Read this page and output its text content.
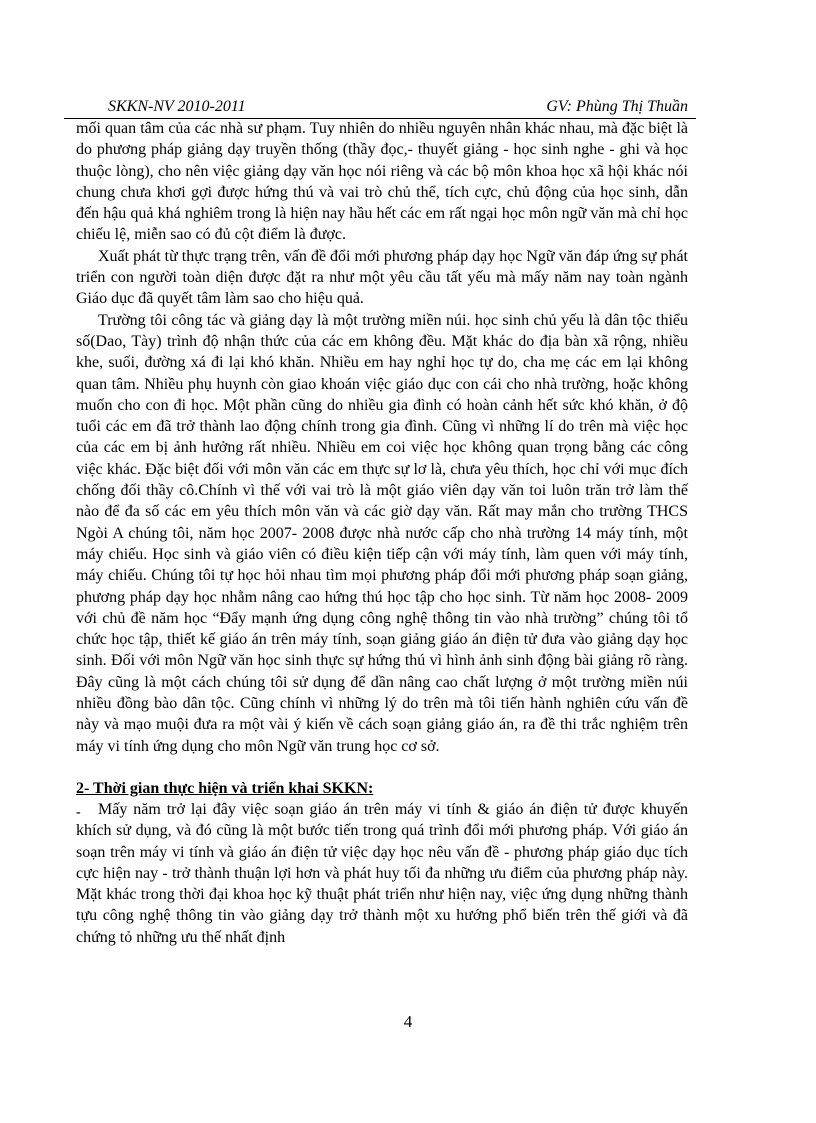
SKKN-NV 2010-2011	GV: Phùng Thị Thuần

mối quan tâm của các nhà sư phạm. Tuy nhiên do nhiều nguyên nhân khác nhau, mà đặc biệt là do phương pháp giảng dạy truyền thống (thầy đọc,- thuyết giảng - học sinh nghe - ghi và học thuộc lòng), cho nên việc giảng dạy văn học nói riêng và các bộ môn khoa học xã hội khác nói chung chưa khơi gợi được hứng thú và vai trò chủ thể, tích cực, chủ động của học sinh, dẫn đến hậu quả khá nghiêm trong là hiện nay hầu hết các em rất ngại học môn ngữ văn mà chỉ học chiếu lệ, miễn sao có đủ cột điểm là được.

Xuất phát từ thực trạng trên, vấn đề đổi mới phương pháp dạy học Ngữ văn đáp ứng sự phát triển con người toàn diện được đặt ra như một yêu cầu tất yếu mà mấy năm nay toàn ngành Giáo dục đã quyết tâm làm sao cho hiệu quả.

Trường tôi công tác và giảng dạy là một trường miền núi. học sinh chủ yếu là dân tộc thiểu số(Dao, Tày) trình độ nhận thức của các em không đều. Mặt khác do địa bàn xã rộng, nhiều khe, suối, đường xá đi lại khó khăn. Nhiều em hay nghỉ học tự do, cha mẹ các em lại không quan tâm. Nhiều phụ huynh còn giao khoán việc giáo dục con cái cho nhà trường, hoặc không muốn cho con đi học. Một phần cũng do nhiều gia đình có hoàn cảnh hết sức khó khăn, ở độ tuổi các em đã trở thành lao động chính trong gia đình. Cũng vì những lí do trên mà việc học của các em bị ảnh hưởng rất nhiều. Nhiều em coi việc học không quan trọng bằng các công việc khác. Đặc biệt đối với môn văn các em thực sự lơ là, chưa yêu thích, học chỉ với mục đích chống đối thầy cô.Chính vì thế với vai trò là một giáo viên dạy văn toi luôn trăn trở làm thế nào để đa số các em yêu thích môn văn và các giờ dạy văn. Rất may mắn cho trường THCS Ngòi A chúng tôi, năm học 2007- 2008 được nhà nước cấp cho nhà trường 14 máy tính, một máy chiếu. Học sinh và giáo viên có điều kiện tiếp cận với máy tính, làm quen với máy tính, máy chiếu. Chúng tôi tự học hỏi nhau tìm mọi phương pháp đổi mới phương pháp soạn giảng, phương pháp dạy học nhằm nâng cao hứng thú học tập cho học sinh. Từ năm học 2008- 2009 với chủ đề năm học “Đẩy mạnh ứng dụng công nghệ thông tin vào nhà trường” chúng tôi tổ chức học tập, thiết kế giáo án trên máy tính, soạn giảng giáo án điện tử đưa vào giảng dạy học sinh. Đối với môn Ngữ văn học sinh thực sự hứng thú vì hình ảnh sinh động bài giảng rõ ràng. Đây cũng là một cách chúng tôi sử dụng để dần nâng cao chất lượng ở một trường miền núi nhiều đồng bào dân tộc. Cũng chính vì những lý do trên mà tôi tiến hành nghiên cứu vấn đề này và mạo muội đưa ra một vài ý kiến về cách soạn giảng giáo án, ra đề thi trắc nghiệm trên máy vi tính ứng dụng cho môn Ngữ văn trung học cơ sở.

2- Thời gian thực hiện và triển khai SKKN:

Mấy năm trở lại đây việc soạn giáo án trên máy vi tính & giáo án điện tử được khuyến khích sử dụng, và đó cũng là một bước tiến trong quá trình đổi mới phương pháp. Với giáo án soạn trên máy vi tính và giáo án điện tử việc dạy học nêu vấn đề - phương pháp giáo dục tích cực hiện nay - trở thành thuận lợi hơn và phát huy tối đa những ưu điểm của phương pháp này. Mặt khác trong thời đại khoa học kỹ thuật phát triển như hiện nay, việc ứng dụng những thành tựu công nghệ thông tin vào giảng dạy trở thành một xu hướng phổ biến trên thế giới và đã chứng tỏ những ưu thế nhất định

-
4
